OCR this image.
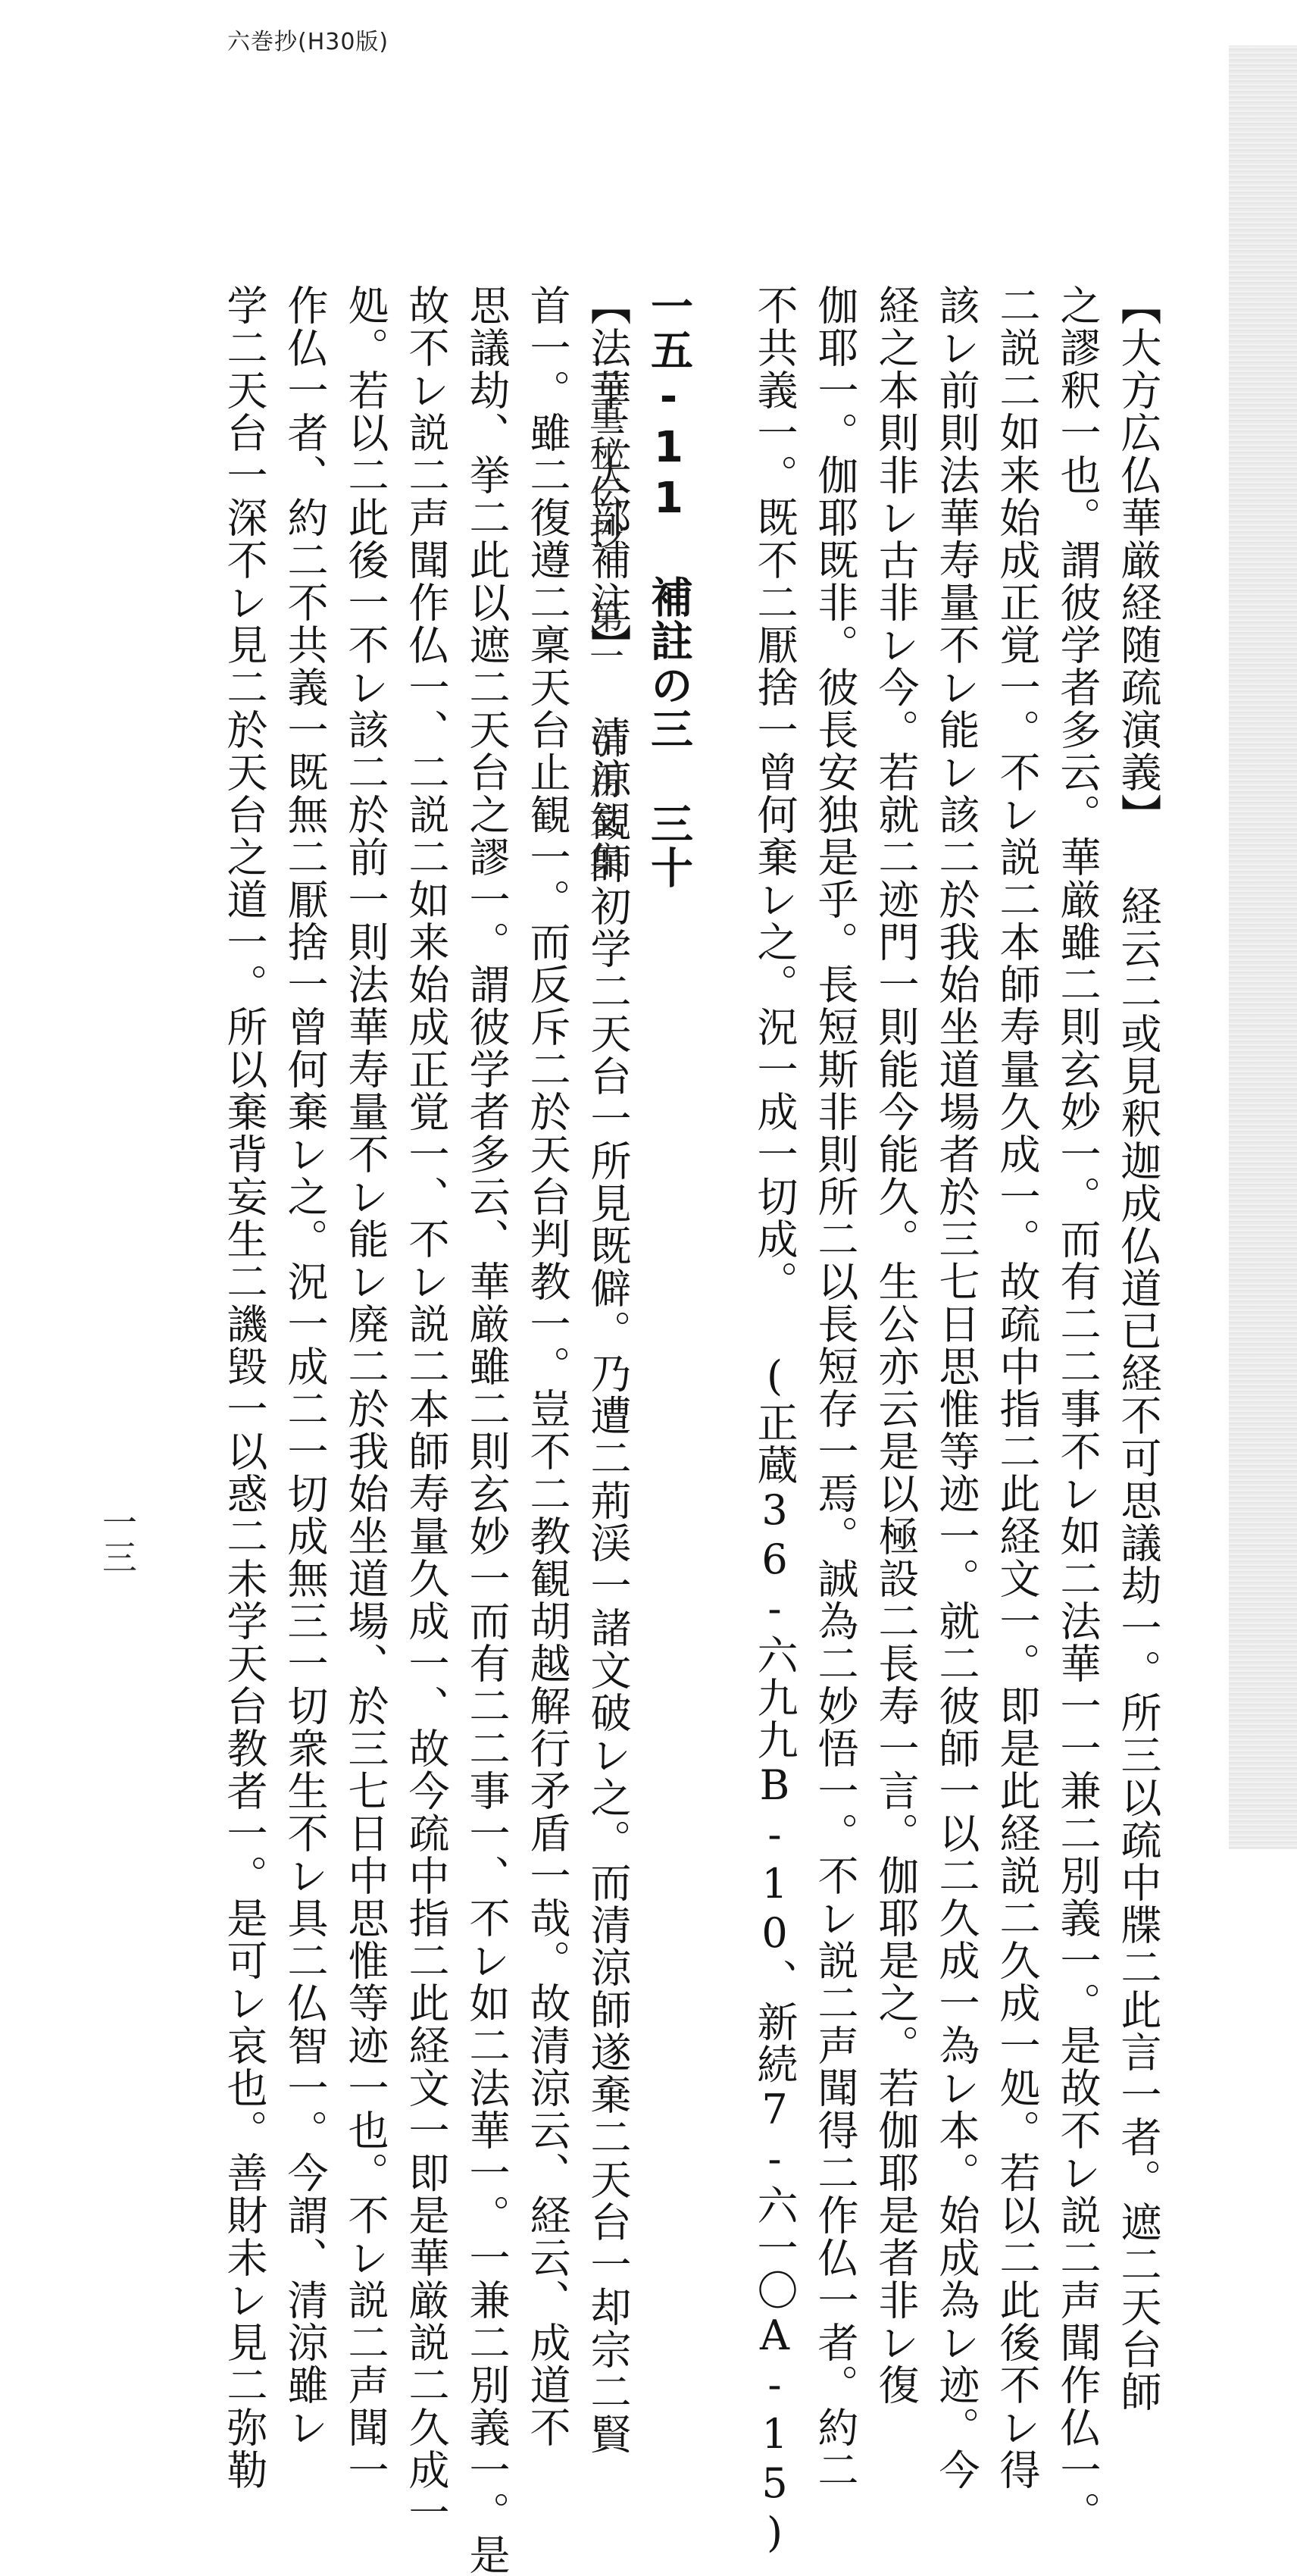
六巻抄(H30版)
【大方広仏華厳経随疏演義】 経云二或見釈迦成仏道已経不可思議劫一。所三以疏中牒二此言一者。遮二天台師
之謬釈一也。謂彼学者多云。華厳雖二則玄妙一。而有二二事不レ如二法華一一兼二別義一。是故不レ説二声聞作仏一。
二説二如来始成正覚一。不レ説二本師寿量久成一。故疏中指二此経文一。即是此経説二久成一処。若以二此後不レ得
該レ前則法華寿量不レ能レ該二於我始坐道場者於三七日思惟等迹一。就二彼師一以二久成一為レ本。始成為レ迹。今
経之本則非レ古非レ今。若就二迹門一則能今能久。生公亦云是以極設二長寿一言。伽耶是之。若伽耶是者非レ復
伽耶一。伽耶既非。彼長安独是乎。長短斯非則所二以長短存一焉。誠為二妙悟一。不レ説二声聞得二作仏一者。約二
不共義一。既不二厭捨一曾何棄レ之。況一成一切成。 (正蔵36-六九九B-10、新続7-六一〇A-15)
一五-11 補註の三 三十
【法華三大部補注】 清涼観師初学二天台一所見既僻。乃遭二荊渓一諸文破レ之。而清涼師遂棄二天台一却宗二賢
首一。雖二復遵二稟天台止観一。而反斥二於天台判教一。豈不二教観胡越解行矛盾一哉。故清涼云、経云、成道不
思議劫、挙二此以遮二天台之謬一。謂彼学者多云、華厳雖二則玄妙一而有二二事一、不レ如二法華一。一兼二別義一。是
故不レ説二声聞作仏一、二説二如来始成正覚一、不レ説二本師寿量久成一、故今疏中指二此経文一即是華厳説二久成一
処。若以二此後一不レ該二於前一則法華寿量不レ能レ廃二於我始坐道場、於三七日中思惟等迹一也。不レ説二声聞一
作仏一者、約二不共義一既無二厭捨一曾何棄レ之。況一成二一切成無三一切衆生不レ具二仏智一。今謂、清涼雖レ
学二天台一深不レ見二於天台之道一。所以棄背妄生二譏毀一以惑二未学天台教者一。是可レ哀也。善財未レ見二弥勒	三重秘伝抄 第一 引用文集
一三
